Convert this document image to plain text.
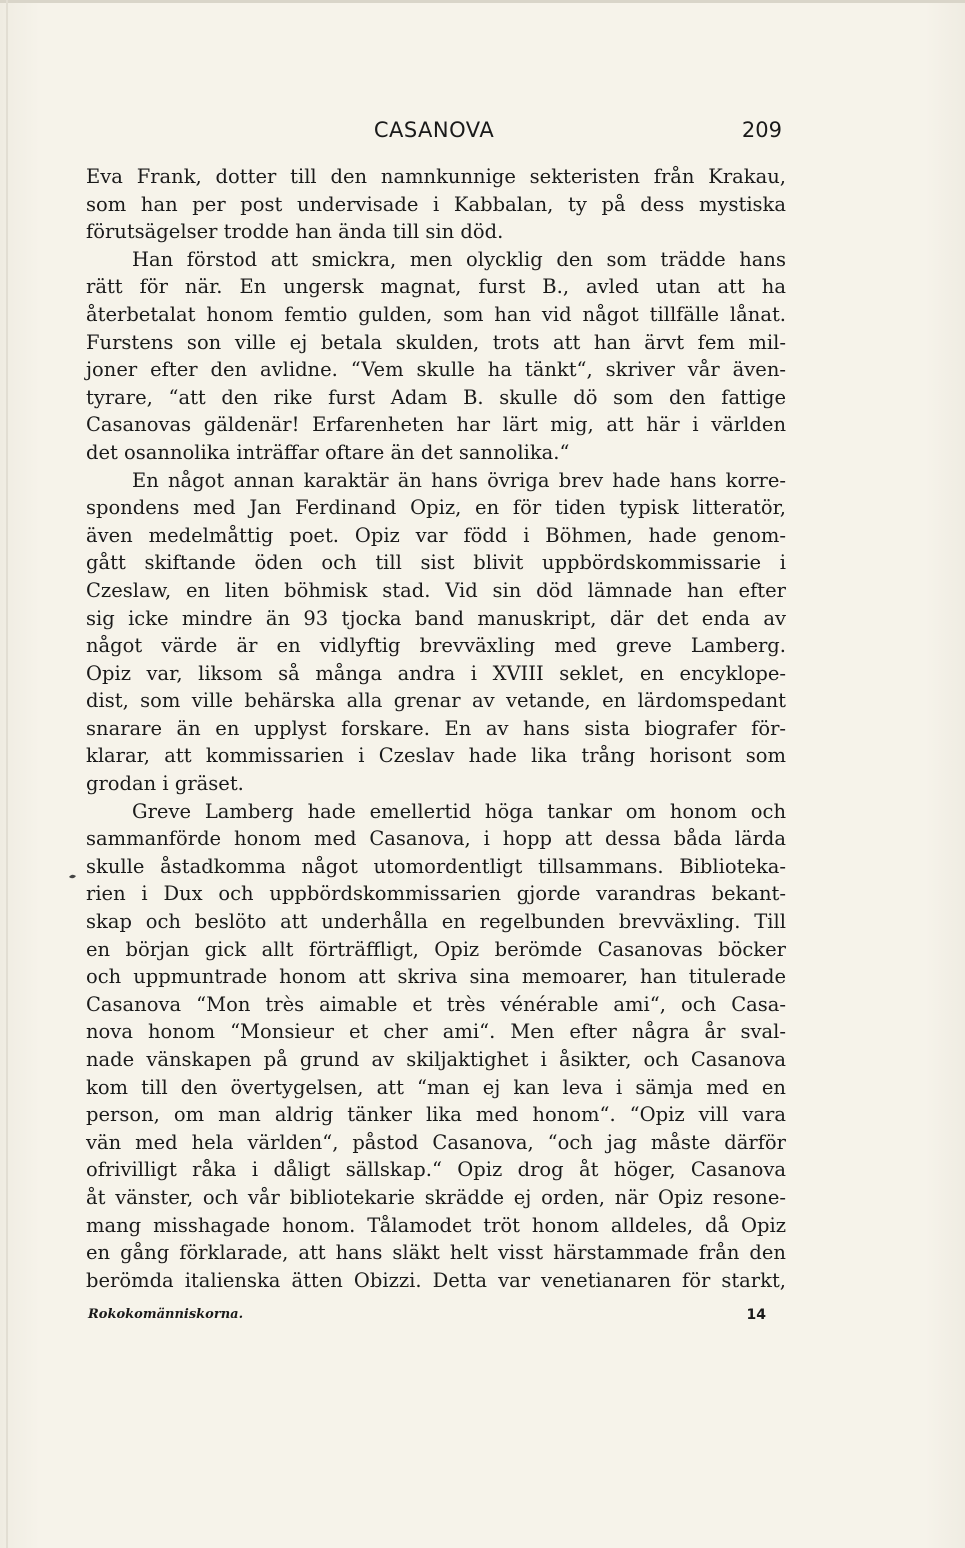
CASANOVA	209
Eva Frank, dotter till den namnkunnige sekteristen från Krakau,
som han per post undervisade i Kabbalan, ty på dess mystiska
förutsägelser trodde han ända till sin död.
Han förstod att smickra, men olycklig den som trädde hans
rätt för när. En ungersk magnat, furst B., avled utan att ha
återbetalat honom femtio gulden, som han vid något tillfälle lånat.
Furstens son ville ej betala skulden, trots att han ärvt fem mil-
joner efter den avlidne. “Vem skulle ha tänkt“, skriver vår även-
tyrare, “att den rike furst Adam B. skulle dö som den fattige
Casanovas gäldenär! Erfarenheten har lärt mig, att här i världen
det osannolika inträffar oftare än det sannolika.“
En något annan karaktär än hans övriga brev hade hans korre-
spondens med Jan Ferdinand Opiz, en för tiden typisk litteratör,
även medelmåttig poet. Opiz var född i Böhmen, hade genom-
gått skiftande öden och till sist blivit uppbördskommissarie i
Czeslaw, en liten böhmisk stad. Vid sin död lämnade han efter
sig icke mindre än 93 tjocka band manuskript, där det enda av
något värde är en vidlyftig brevväxling med greve Lamberg.
Opiz var, liksom så många andra i XVIII seklet, en encyklope-
dist, som ville behärska alla grenar av vetande, en lärdomspedant
snarare än en upplyst forskare. En av hans sista biografer för-
klarar, att kommissarien i Czeslav hade lika trång horisont som
grodan i gräset.
Greve Lamberg hade emellertid höga tankar om honom och
sammanförde honom med Casanova, i hopp att dessa båda lärda
skulle åstadkomma något utomordentligt tillsammans. Biblioteka-
rien i Dux och uppbördskommissarien gjorde varandras bekant-
skap och beslöto att underhålla en regelbunden brevväxling. Till
en början gick allt förträffligt, Opiz berömde Casanovas böcker
och uppmuntrade honom att skriva sina memoarer, han titulerade
Casanova “Mon très aimable et très vénérable ami“, och Casa-
nova honom “Monsieur et cher ami“. Men efter några år sval-
nade vänskapen på grund av skiljaktighet i åsikter, och Casanova
kom till den övertygelsen, att “man ej kan leva i sämja med en
person, om man aldrig tänker lika med honom“. “Opiz vill vara
vän med hela världen“, påstod Casanova, “och jag måste därför
ofrivilligt råka i dåligt sällskap.“ Opiz drog åt höger, Casanova
åt vänster, och vår bibliotekarie skrädde ej orden, när Opiz resone-
mang misshagade honom. Tålamodet tröt honom alldeles, då Opiz
en gång förklarade, att hans släkt helt visst härstammade från den
berömda italienska ätten Obizzi. Detta var venetianaren för starkt,
Rokokomänniskorna.	14
